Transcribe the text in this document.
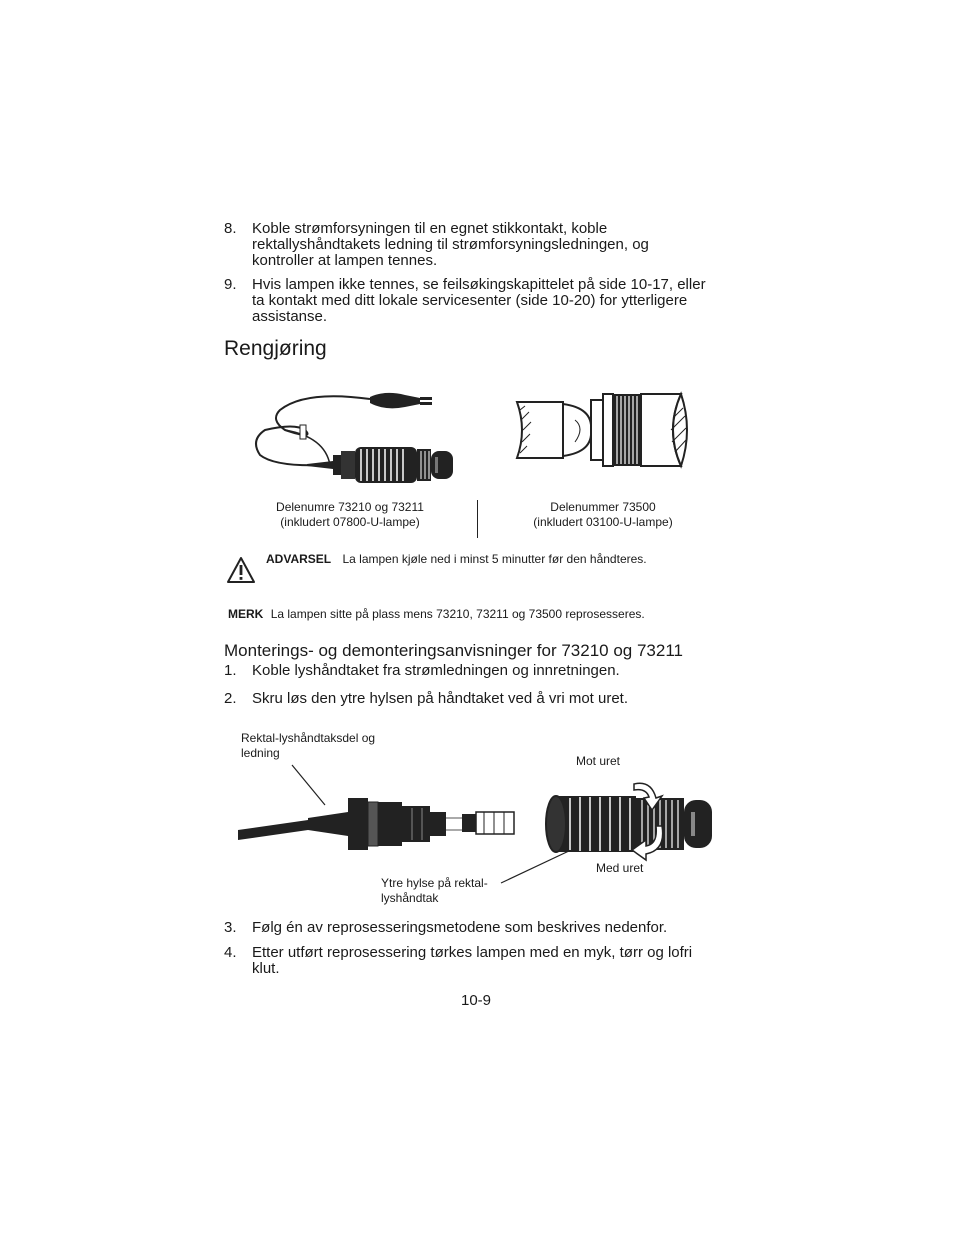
8. Koble strømforsyningen til en egnet stikkontakt, koble
rektallyshåndtakets ledning til strømforsyningsledningen, og
kontroller at lampen tennes.
9. Hvis lampen ikke tennes, se feilsøkingskapittelet på side 10-17, eller
ta kontakt med ditt lokale servicesenter (side 10-20) for ytterligere
assistanse.
Rengjøring
Delenumre 73210 og 73211
(inkludert 07800-U-lampe)
Delenummer 73500
(inkludert 03100-U-lampe)
ADVARSEL La lampen kjøle ned i minst 5 minutter før den håndteres.
MERK La lampen sitte på plass mens 73210, 73211 og 73500 reprosesseres.
Monterings- og demonteringsanvisninger for 73210 og 73211
1. Koble lyshåndtaket fra strømledningen og innretningen.
2. Skru løs den ytre hylsen på håndtaket ved å vri mot uret.
Rektal-lyshåndtaksdel og
ledning
Mot uret
Med uret
Ytre hylse på rektal-
lyshåndtak
3. Følg én av reprosesseringsmetodene som beskrives nedenfor.
4. Etter utført reprosessering tørkes lampen med en myk, tørr og lofri
klut.
10-9
